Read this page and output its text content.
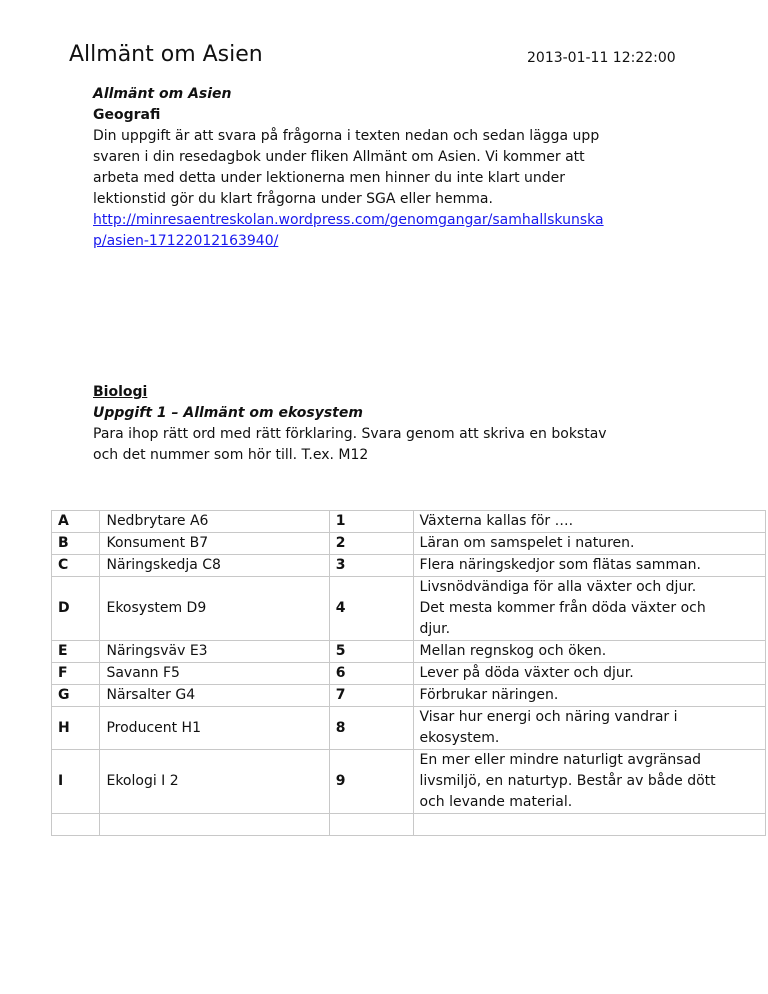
Allmänt om Asien	2013-01-11 12:22:00
Allmänt om Asien
Geografi
Din uppgift är att svara på frågorna i texten nedan och sedan lägga upp
svaren i din resedagbok under fliken Allmänt om Asien. Vi kommer att
arbeta med detta under lektionerna men hinner du inte klart under
lektionstid gör du klart frågorna under SGA eller hemma.
http://minresaentreskolan.wordpress.com/genomgangar/samhallskunska
p/asien-17122012163940/
Biologi
Uppgift 1 – Allmänt om ekosystem
Para ihop rätt ord med rätt förklaring. Svara genom att skriva en bokstav
och det nummer som hör till. T.ex. M12
A	Nedbrytare A6	1	Växterna kallas för ….

B	Konsument B7	2	Läran om samspelet i naturen.

C	Näringskedja C8	3	Flera näringskedjor som flätas samman.

D	Ekosystem D9	4	Livsnödvändiga för alla växter och djur.
Det mesta kommer från döda växter och
djur.

E	Näringsväv E3	5	Mellan regnskog och öken.

F	Savann F5	6	Lever på döda växter och djur.

G	Närsalter G4	7	Förbrukar näringen.

H	Producent H1	8	Visar hur energi och näring vandrar i
ekosystem.

I	Ekologi I 2	9	En mer eller mindre naturligt avgränsad
livsmiljö, en naturtyp. Består av både dött
och levande material.
